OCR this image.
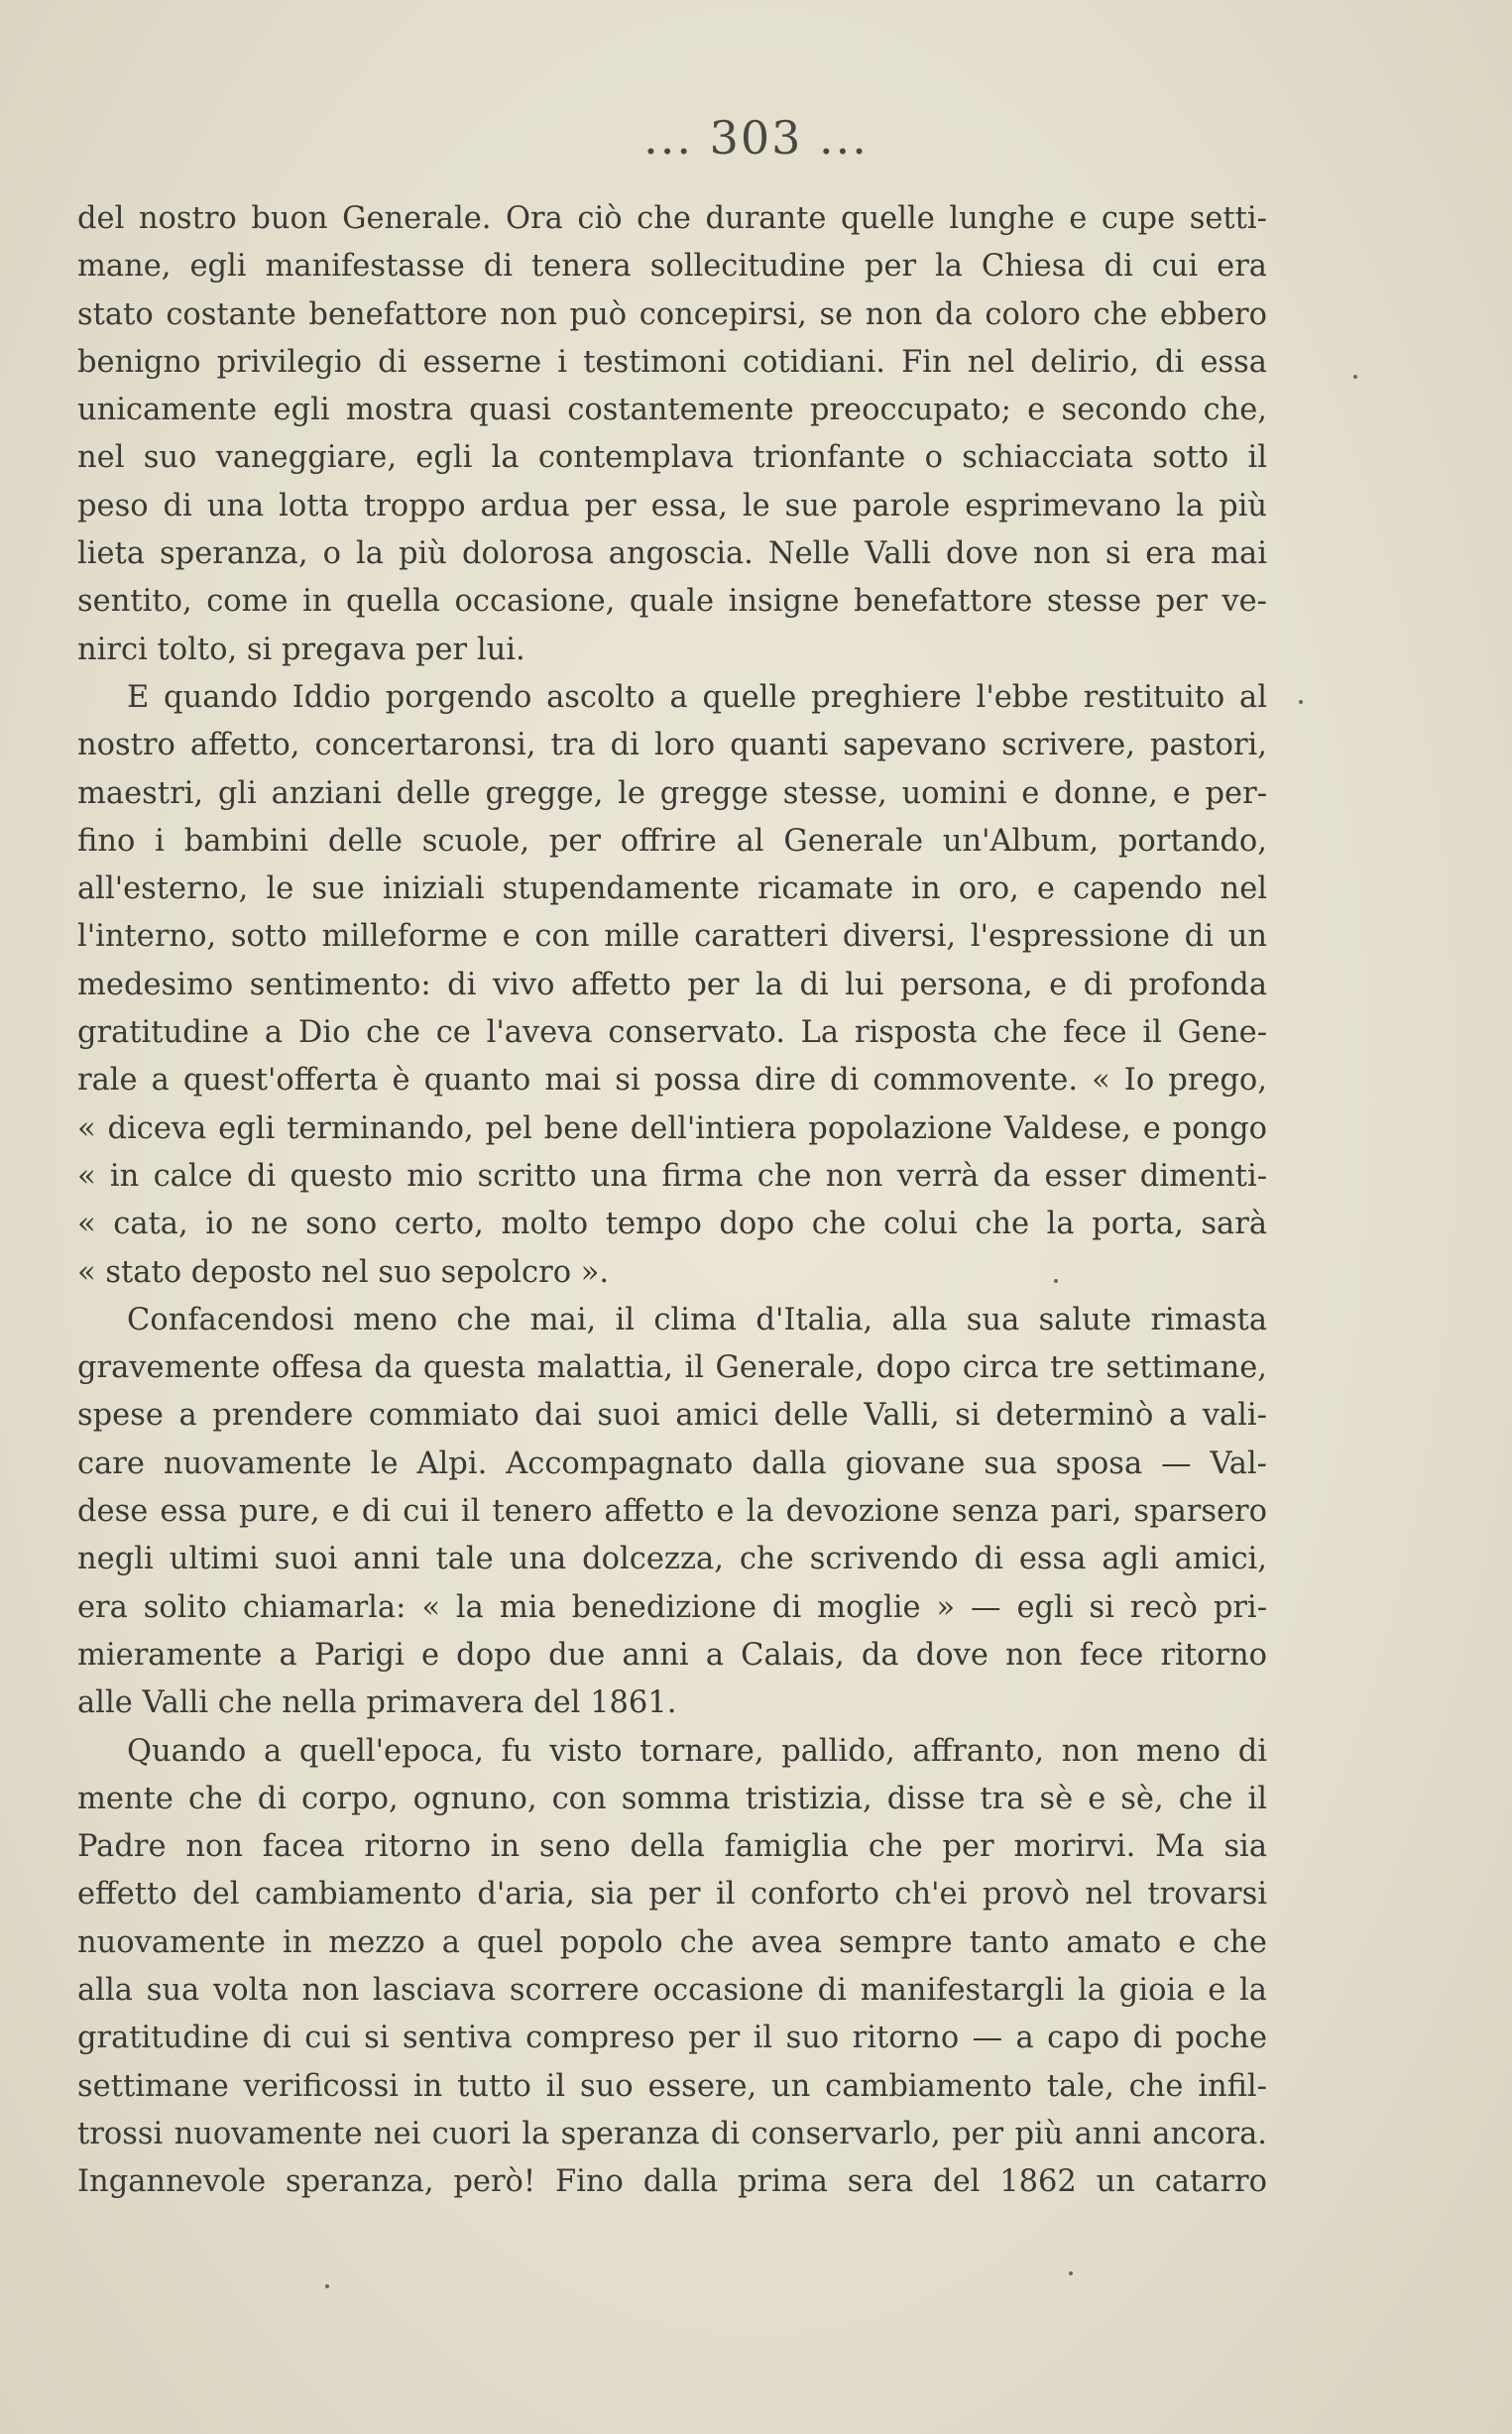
... 303 ...
del nostro buon Generale. Ora ciò che durante quelle lunghe e cupe setti-
mane, egli manifestasse di tenera sollecitudine per la Chiesa di cui era
stato costante benefattore non può concepirsi, se non da coloro che ebbero
benigno privilegio di esserne i testimoni cotidiani. Fin nel delirio, di essa
unicamente egli mostra quasi costantemente preoccupato; e secondo che,
nel suo vaneggiare, egli la contemplava trionfante o schiacciata sotto il
peso di una lotta troppo ardua per essa, le sue parole esprimevano la più
lieta speranza, o la più dolorosa angoscia. Nelle Valli dove non si era mai
sentito, come in quella occasione, quale insigne benefattore stesse per ve-
nirci tolto, si pregava per lui.
E quando Iddio porgendo ascolto a quelle preghiere l'ebbe restituito al
nostro affetto, concertaronsi, tra di loro quanti sapevano scrivere, pastori,
maestri, gli anziani delle gregge, le gregge stesse, uomini e donne, e per-
fino i bambini delle scuole, per offrire al Generale un'Album, portando,
all'esterno, le sue iniziali stupendamente ricamate in oro, e capendo nel
l'interno, sotto milleforme e con mille caratteri diversi, l'espressione di un
medesimo sentimento: di vivo affetto per la di lui persona, e di profonda
gratitudine a Dio che ce l'aveva conservato. La risposta che fece il Gene-
rale a quest'offerta è quanto mai si possa dire di commovente. « Io prego,
« diceva egli terminando, pel bene dell'intiera popolazione Valdese, e pongo
« in calce di questo mio scritto una firma che non verrà da esser dimenti-
« cata, io ne sono certo, molto tempo dopo che colui che la porta, sarà
« stato deposto nel suo sepolcro ».
Confacendosi meno che mai, il clima d'Italia, alla sua salute rimasta
gravemente offesa da questa malattia, il Generale, dopo circa tre settimane,
spese a prendere commiato dai suoi amici delle Valli, si determinò a vali-
care nuovamente le Alpi. Accompagnato dalla giovane sua sposa — Val-
dese essa pure, e di cui il tenero affetto e la devozione senza pari, sparsero
negli ultimi suoi anni tale una dolcezza, che scrivendo di essa agli amici,
era solito chiamarla: « la mia benedizione di moglie » — egli si recò pri-
mieramente a Parigi e dopo due anni a Calais, da dove non fece ritorno
alle Valli che nella primavera del 1861.
Quando a quell'epoca, fu visto tornare, pallido, affranto, non meno di
mente che di corpo, ognuno, con somma tristizia, disse tra sè e sè, che il
Padre non facea ritorno in seno della famiglia che per morirvi. Ma sia
effetto del cambiamento d'aria, sia per il conforto ch'ei provò nel trovarsi
nuovamente in mezzo a quel popolo che avea sempre tanto amato e che
alla sua volta non lasciava scorrere occasione di manifestargli la gioia e la
gratitudine di cui si sentiva compreso per il suo ritorno — a capo di poche
settimane verificossi in tutto il suo essere, un cambiamento tale, che infil-
trossi nuovamente nei cuori la speranza di conservarlo, per più anni ancora.
Ingannevole speranza, però! Fino dalla prima sera del 1862 un catarro
